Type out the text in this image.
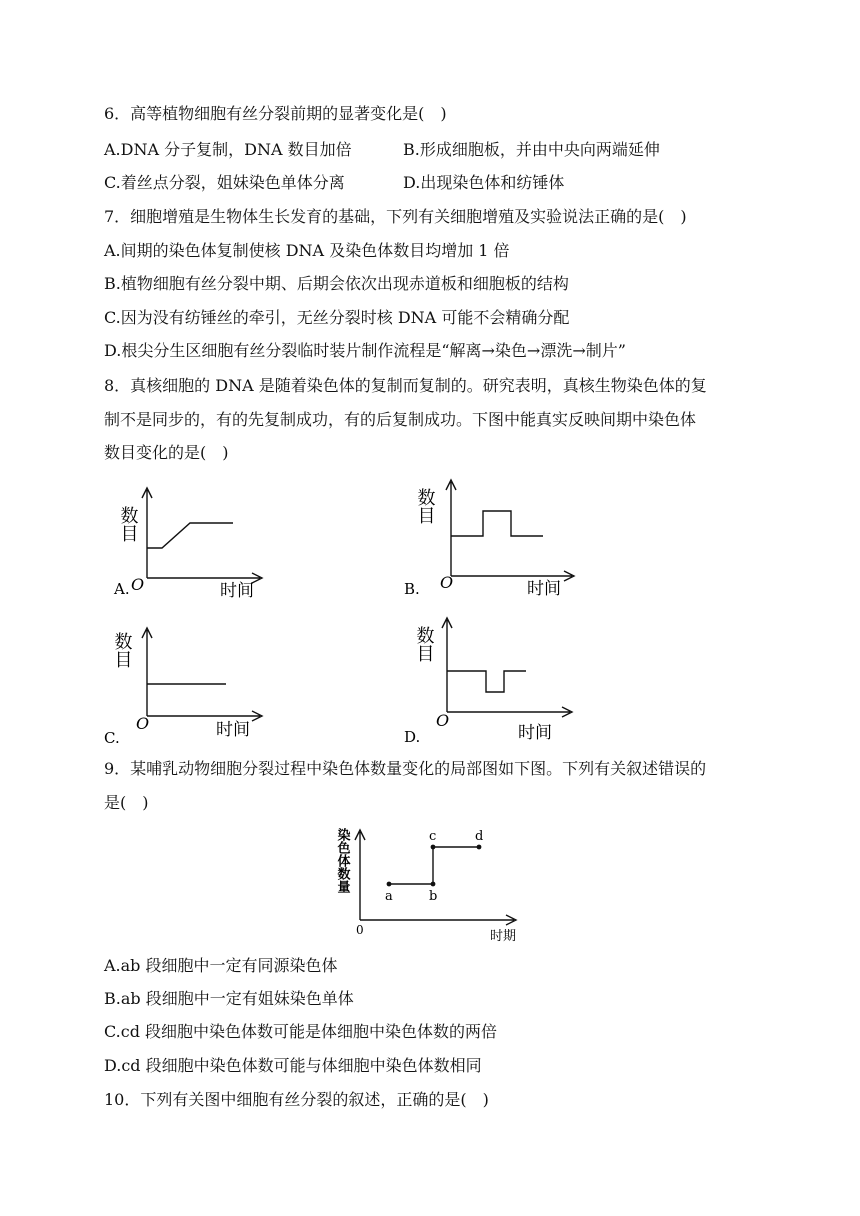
6．高等植物细胞有丝分裂前期的显著变化是(　)
A.DNA 分子复制，DNA 数目加倍	B.形成细胞板，并由中央向两端延伸
C.着丝点分裂，姐妹染色单体分离	D.出现染色体和纺锤体
7．细胞增殖是生物体生长发育的基础，下列有关细胞增殖及实验说法正确的是(　)
A.间期的染色体复制使核 DNA 及染色体数目均增加 1 倍
B.植物细胞有丝分裂中期、后期会依次出现赤道板和细胞板的结构
C.因为没有纺锤丝的牵引，无丝分裂时核 DNA 可能不会精确分配
D.根尖分生区细胞有丝分裂临时装片制作流程是“解离→染色→漂洗→制片”
8．真核细胞的 DNA 是随着染色体的复制而复制的。研究表明，真核生物染色体的复
制不是同步的，有的先复制成功，有的后复制成功。下图中能真实反映间期中染色体
数目变化的是(　)
A.
数目
O	时间	B.
数目
O	时间
C.
数目
O	时间	D.
数目
O
时间
9．某哺乳动物细胞分裂过程中染色体数量变化的局部图如下图。下列有关叙述错误的
是(　)
染色体数量
0	时期
a	b
c	d
A.ab 段细胞中一定有同源染色体
B.ab 段细胞中一定有姐妹染色单体
C.cd 段细胞中染色体数可能是体细胞中染色体数的两倍
D.cd 段细胞中染色体数可能与体细胞中染色体数相同
10．下列有关图中细胞有丝分裂的叙述，正确的是(　)
